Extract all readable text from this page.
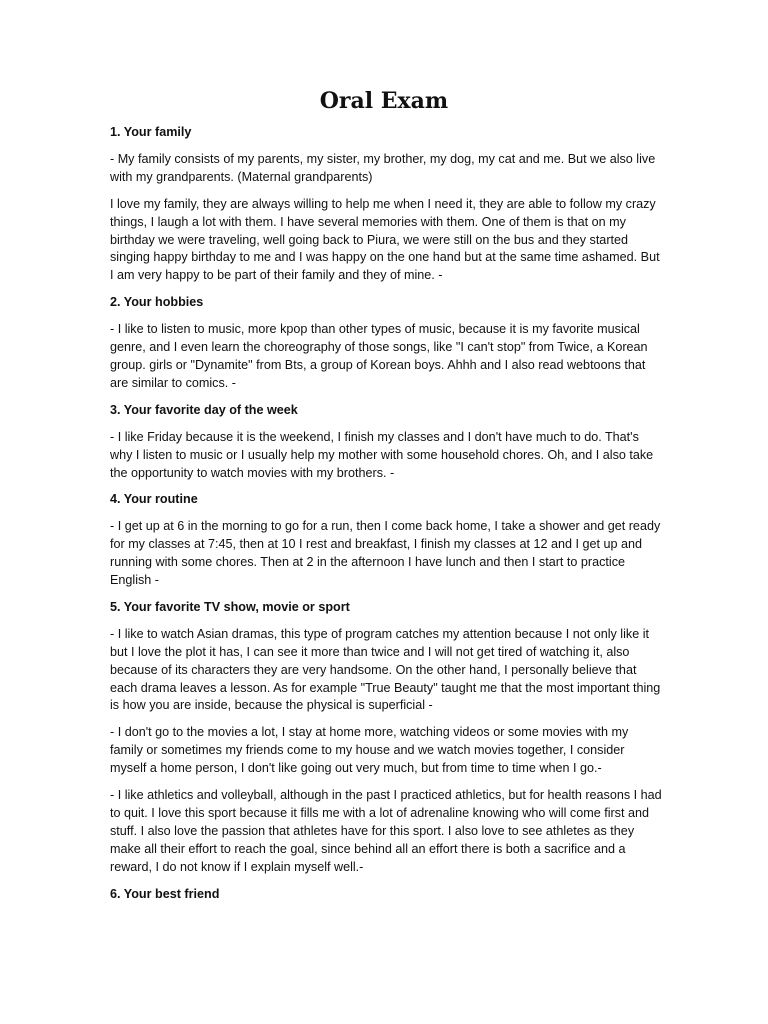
Oral Exam

1. Your family

- My family consists of my parents, my sister, my brother, my dog, my cat and me. But we also live with my grandparents. (Maternal grandparents)

I love my family, they are always willing to help me when I need it, they are able to follow my crazy things, I laugh a lot with them. I have several memories with them. One of them is that on my birthday we were traveling, well going back to Piura, we were still on the bus and they started singing happy birthday to me and I was happy on the one hand but at the same time ashamed. But I am very happy to be part of their family and they of mine. -

2. Your hobbies

- I like to listen to music, more kpop than other types of music, because it is my favorite musical genre, and I even learn the choreography of those songs, like "I can't stop" from Twice, a Korean group. girls or "Dynamite" from Bts, a group of Korean boys. Ahhh and I also read webtoons that are similar to comics. -

3. Your favorite day of the week

- I like Friday because it is the weekend, I finish my classes and I don't have much to do. That's why I listen to music or I usually help my mother with some household chores. Oh, and I also take the opportunity to watch movies with my brothers. -

4. Your routine

- I get up at 6 in the morning to go for a run, then I come back home, I take a shower and get ready for my classes at 7:45, then at 10 I rest and breakfast, I finish my classes at 12 and I get up and running with some chores. Then at 2 in the afternoon I have lunch and then I start to practice English -

5. Your favorite TV show, movie or sport

- I like to watch Asian dramas, this type of program catches my attention because I not only like it but I love the plot it has, I can see it more than twice and I will not get tired of watching it, also because of its characters they are very handsome. On the other hand, I personally believe that each drama leaves a lesson. As for example "True Beauty" taught me that the most important thing is how you are inside, because the physical is superficial -

- I don't go to the movies a lot, I stay at home more, watching videos or some movies with my family or sometimes my friends come to my house and we watch movies together, I consider myself a home person, I don't like going out very much, but from time to time when I go.-

- I like athletics and volleyball, although in the past I practiced athletics, but for health reasons I had to quit. I love this sport because it fills me with a lot of adrenaline knowing who will come first and stuff. I also love the passion that athletes have for this sport. I also love to see athletes as they make all their effort to reach the goal, since behind all an effort there is both a sacrifice and a reward, I do not know if I explain myself well.-

6. Your best friend
